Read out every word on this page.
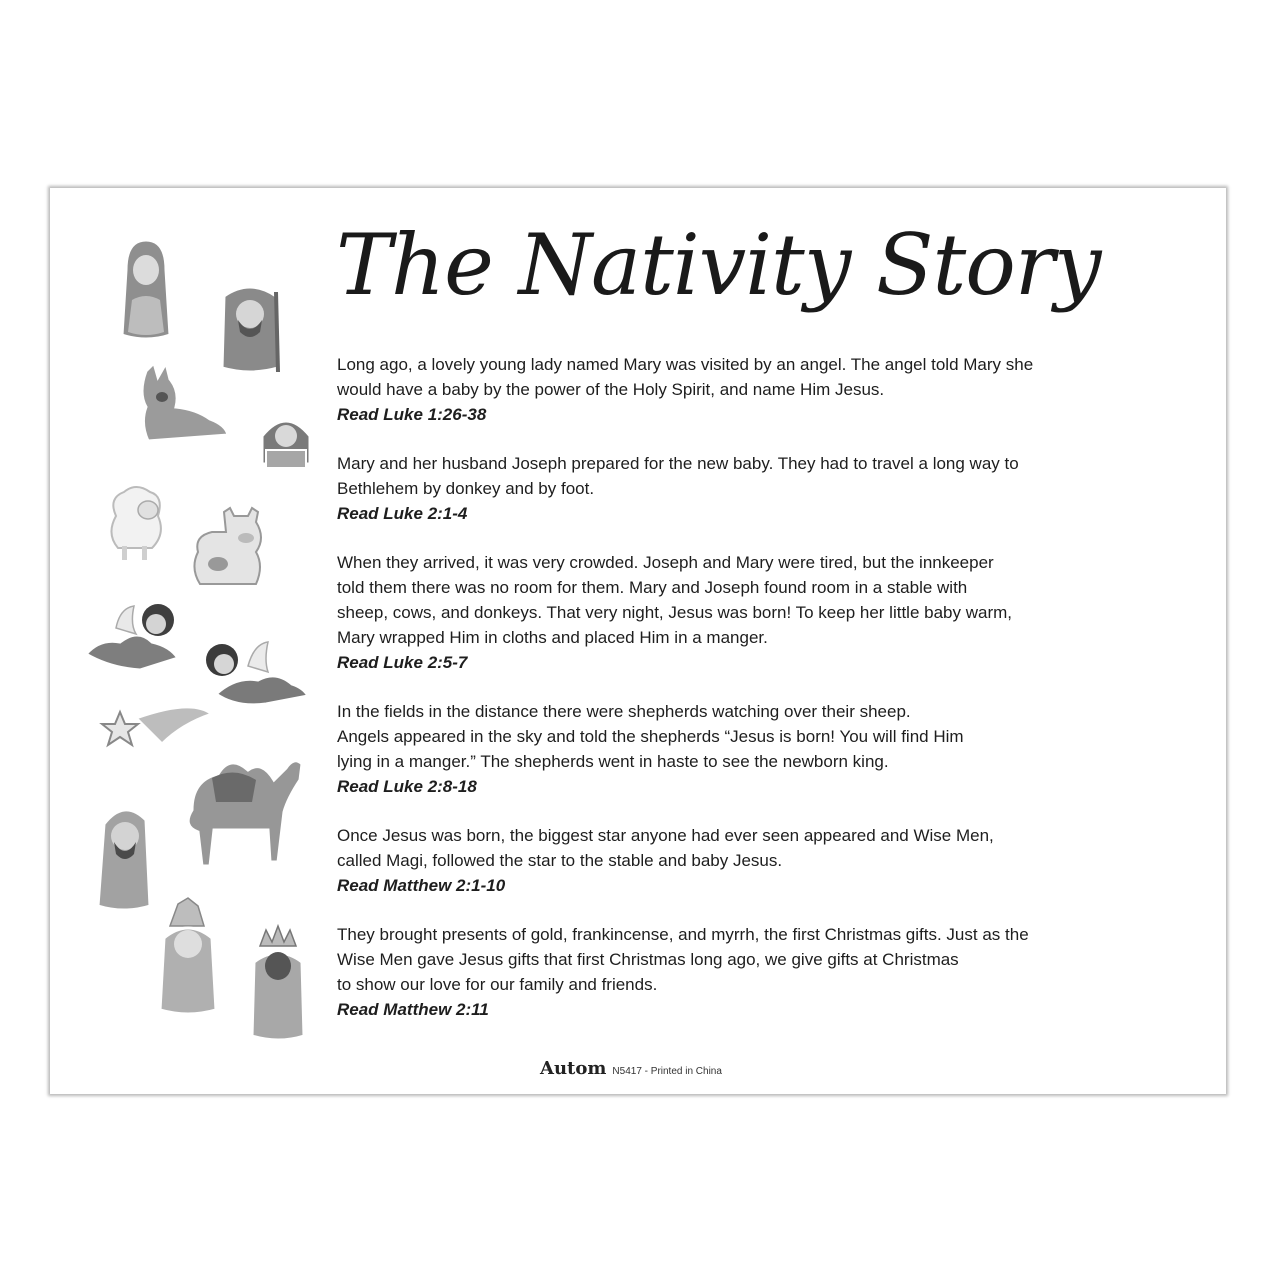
The Nativity Story

Long ago, a lovely young lady named Mary was visited by an angel. The angel told Mary she
would have a baby by the power of the Holy Spirit, and name Him Jesus.

Read Luke 1:26-38

Mary and her husband Joseph prepared for the new baby. They had to travel a long way to
Bethlehem by donkey and by foot.

Read Luke 2:1-4

When they arrived, it was very crowded. Joseph and Mary were tired, but the innkeeper
told them there was no room for them. Mary and Joseph found room in a stable with
sheep, cows, and donkeys. That very night, Jesus was born! To keep her little baby warm,
Mary wrapped Him in cloths and placed Him in a manger.

Read Luke 2:5-7

In the fields in the distance there were shepherds watching over their sheep.
Angels appeared in the sky and told the shepherds “Jesus is born! You will find Him
lying in a manger.” The shepherds went in haste to see the newborn king.

Read Luke 2:8-18

Once Jesus was born, the biggest star anyone had ever seen appeared and Wise Men,
called Magi, followed the star to the stable and baby Jesus.

Read Matthew 2:1-10

They brought presents of gold, frankincense, and myrrh, the first Christmas gifts. Just as the
Wise Men gave Jesus gifts that first Christmas long ago, we give gifts at Christmas
to show our love for our family and friends.

Read Matthew 2:11

Autom N5417 - Printed in China
